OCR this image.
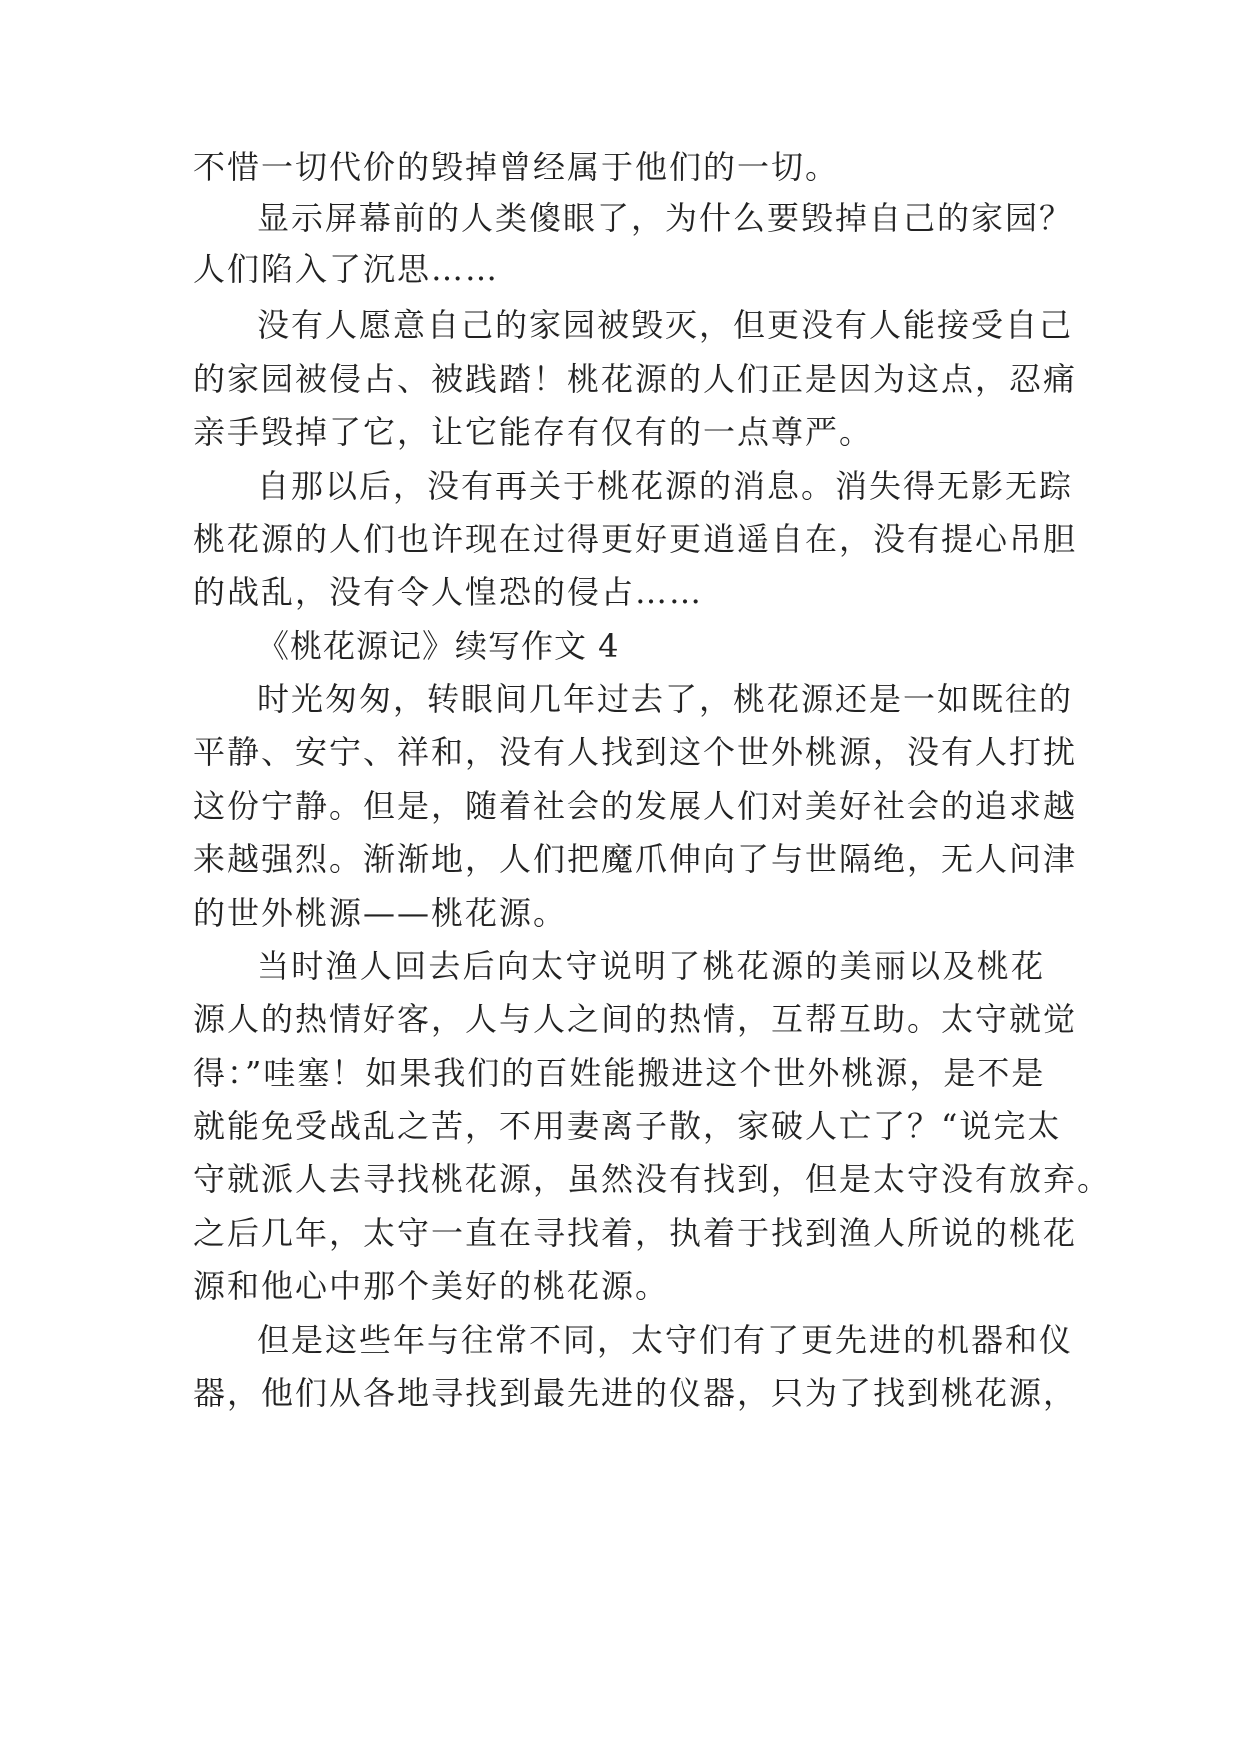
不惜一切代价的毁掉曾经属于他们的一切。
显示屏幕前的人类傻眼了，为什么要毁掉自己的家园？
人们陷入了沉思……
没有人愿意自己的家园被毁灭，但更没有人能接受自己
的家园被侵占、被践踏！桃花源的人们正是因为这点，忍痛
亲手毁掉了它，让它能存有仅有的一点尊严。
自那以后，没有再关于桃花源的消息。消失得无影无踪
桃花源的人们也许现在过得更好更逍遥自在，没有提心吊胆
的战乱，没有令人惶恐的侵占……
《桃花源记》续写作文 4
时光匆匆，转眼间几年过去了，桃花源还是一如既往的
平静、安宁、祥和，没有人找到这个世外桃源，没有人打扰
这份宁静。但是，随着社会的发展人们对美好社会的追求越
来越强烈。渐渐地，人们把魔爪伸向了与世隔绝，无人问津
的世外桃源——桃花源。
当时渔人回去后向太守说明了桃花源的美丽以及桃花
源人的热情好客，人与人之间的热情，互帮互助。太守就觉
得：”哇塞！如果我们的百姓能搬进这个世外桃源，是不是
就能免受战乱之苦，不用妻离子散，家破人亡了？“说完太
守就派人去寻找桃花源，虽然没有找到，但是太守没有放弃。
之后几年，太守一直在寻找着，执着于找到渔人所说的桃花
源和他心中那个美好的桃花源。
但是这些年与往常不同，太守们有了更先进的机器和仪
器，他们从各地寻找到最先进的仪器，只为了找到桃花源，
